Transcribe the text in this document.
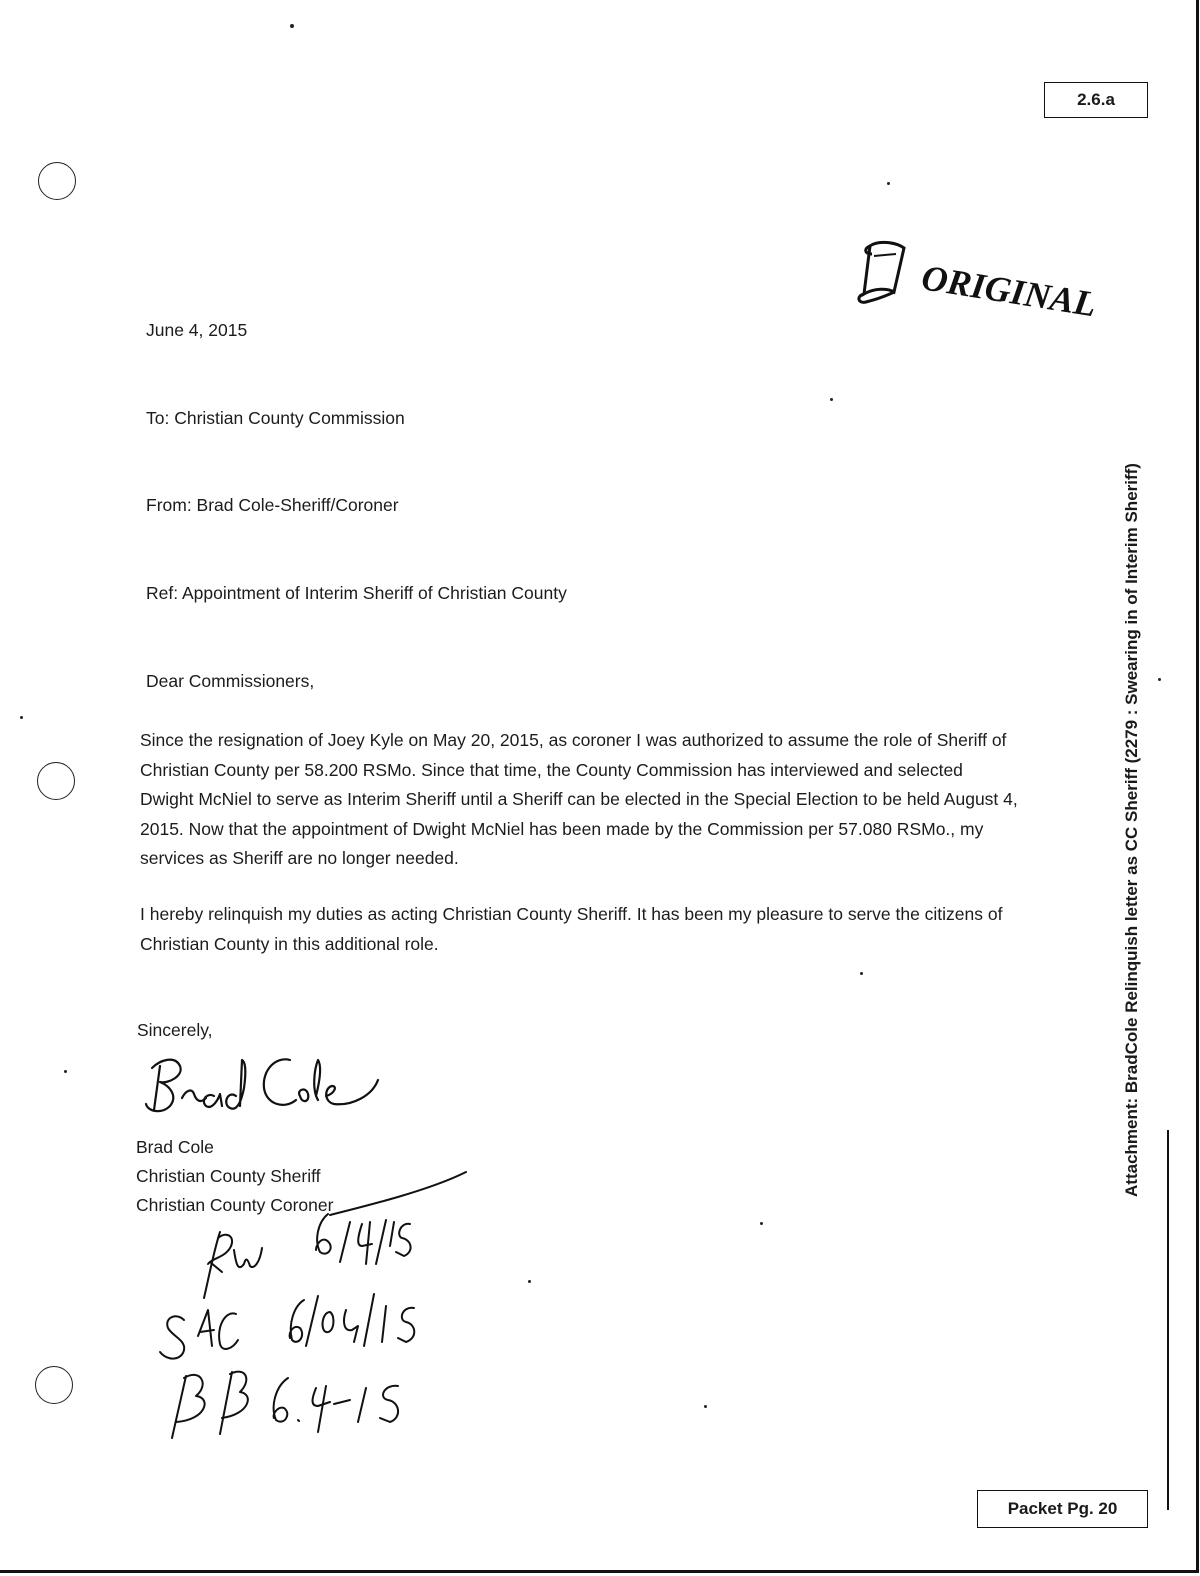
2.6.a
ORIGINAL
June 4, 2015
To: Christian County Commission
From: Brad Cole-Sheriff/Coroner
Ref: Appointment of Interim Sheriff of Christian County
Dear Commissioners,

Since the resignation of Joey Kyle on May 20, 2015, as coroner I was authorized to assume the role of Sheriff of Christian County per 58.200 RSMo. Since that time, the County Commission has interviewed and selected Dwight McNiel to serve as Interim Sheriff until a Sheriff can be elected in the Special Election to be held August 4, 2015. Now that the appointment of Dwight McNiel has been made by the Commission per 57.080 RSMo., my services as Sheriff are no longer needed.

I hereby relinquish my duties as acting Christian County Sheriff. It has been my pleasure to serve the citizens of Christian County in this additional role.

Sincerely,
Brad Cole
Christian County Sheriff
Christian County Coroner
Attachment: BradCole Relinquish letter as CC Sheriff (2279 : Swearing in of Interim Sheriff)
Packet Pg. 20
